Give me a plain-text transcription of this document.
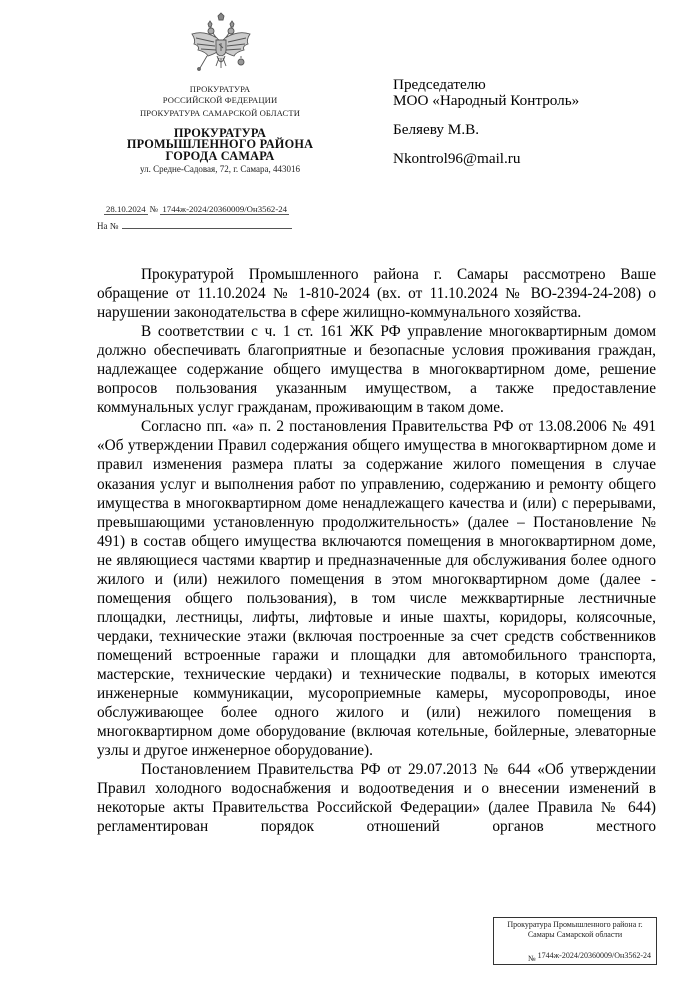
ПРОКУРАТУРА
РОССИЙСКОЙ ФЕДЕРАЦИИ
ПРОКУРАТУРА САМАРСКОЙ ОБЛАСТИ
ПРОКУРАТУРА
ПРОМЫШЛЕННОГО РАЙОНА
ГОРОДА САМАРА
ул. Средне-Садовая, 72, г. Самара, 443016
28.10.2024 № 1744ж-2024/20360009/Он3562-24
На №
Председателю
МОО «Народный Контроль»
Беляеву М.В.
Nkontrol96@mail.ru

Прокуратурой Промышленного района г. Самары рассмотрено Ваше обращение от 11.10.2024 № 1-810-2024 (вх. от 11.10.2024 № ВО-2394-24-208) о нарушении законодательства в сфере жилищно-коммунального хозяйства.

В соответствии с ч. 1 ст. 161 ЖК РФ управление многоквартирным домом должно обеспечивать благоприятные и безопасные условия проживания граждан, надлежащее содержание общего имущества в многоквартирном доме, решение вопросов пользования указанным имуществом, а также предоставление коммунальных услуг гражданам, проживающим в таком доме.

Согласно пп. «а» п. 2 постановления Правительства РФ от 13.08.2006 № 491 «Об утверждении Правил содержания общего имущества в многоквартирном доме и правил изменения размера платы за содержание жилого помещения в случае оказания услуг и выполнения работ по управлению, содержанию и ремонту общего имущества в многоквартирном доме ненадлежащего качества и (или) с перерывами, превышающими установленную продолжительность» (далее – Постановление № 491) в состав общего имущества включаются помещения в многоквартирном доме, не являющиеся частями квартир и предназначенные для обслуживания более одного жилого и (или) нежилого помещения в этом многоквартирном доме (далее - помещения общего пользования), в том числе межквартирные лестничные площадки, лестницы, лифты, лифтовые и иные шахты, коридоры, колясочные, чердаки, технические этажи (включая построенные за счет средств собственников помещений встроенные гаражи и площадки для автомобильного транспорта, мастерские, технические чердаки) и технические подвалы, в которых имеются инженерные коммуникации, мусороприемные камеры, мусоропроводы, иное обслуживающее более одного жилого и (или) нежилого помещения в многоквартирном доме оборудование (включая котельные, бойлерные, элеваторные узлы и другое инженерное оборудование).

Постановлением Правительства РФ от 29.07.2013 № 644 «Об утверждении Правил холодного водоснабжения и водоотведения и о внесении изменений в некоторые акты Правительства Российской Федерации» (далее Правила № 644) регламентирован порядок отношений органов местного

Прокуратура Промышленного района г. Самары Самарской области
№ 1744ж-2024/20360009/Он3562-24
